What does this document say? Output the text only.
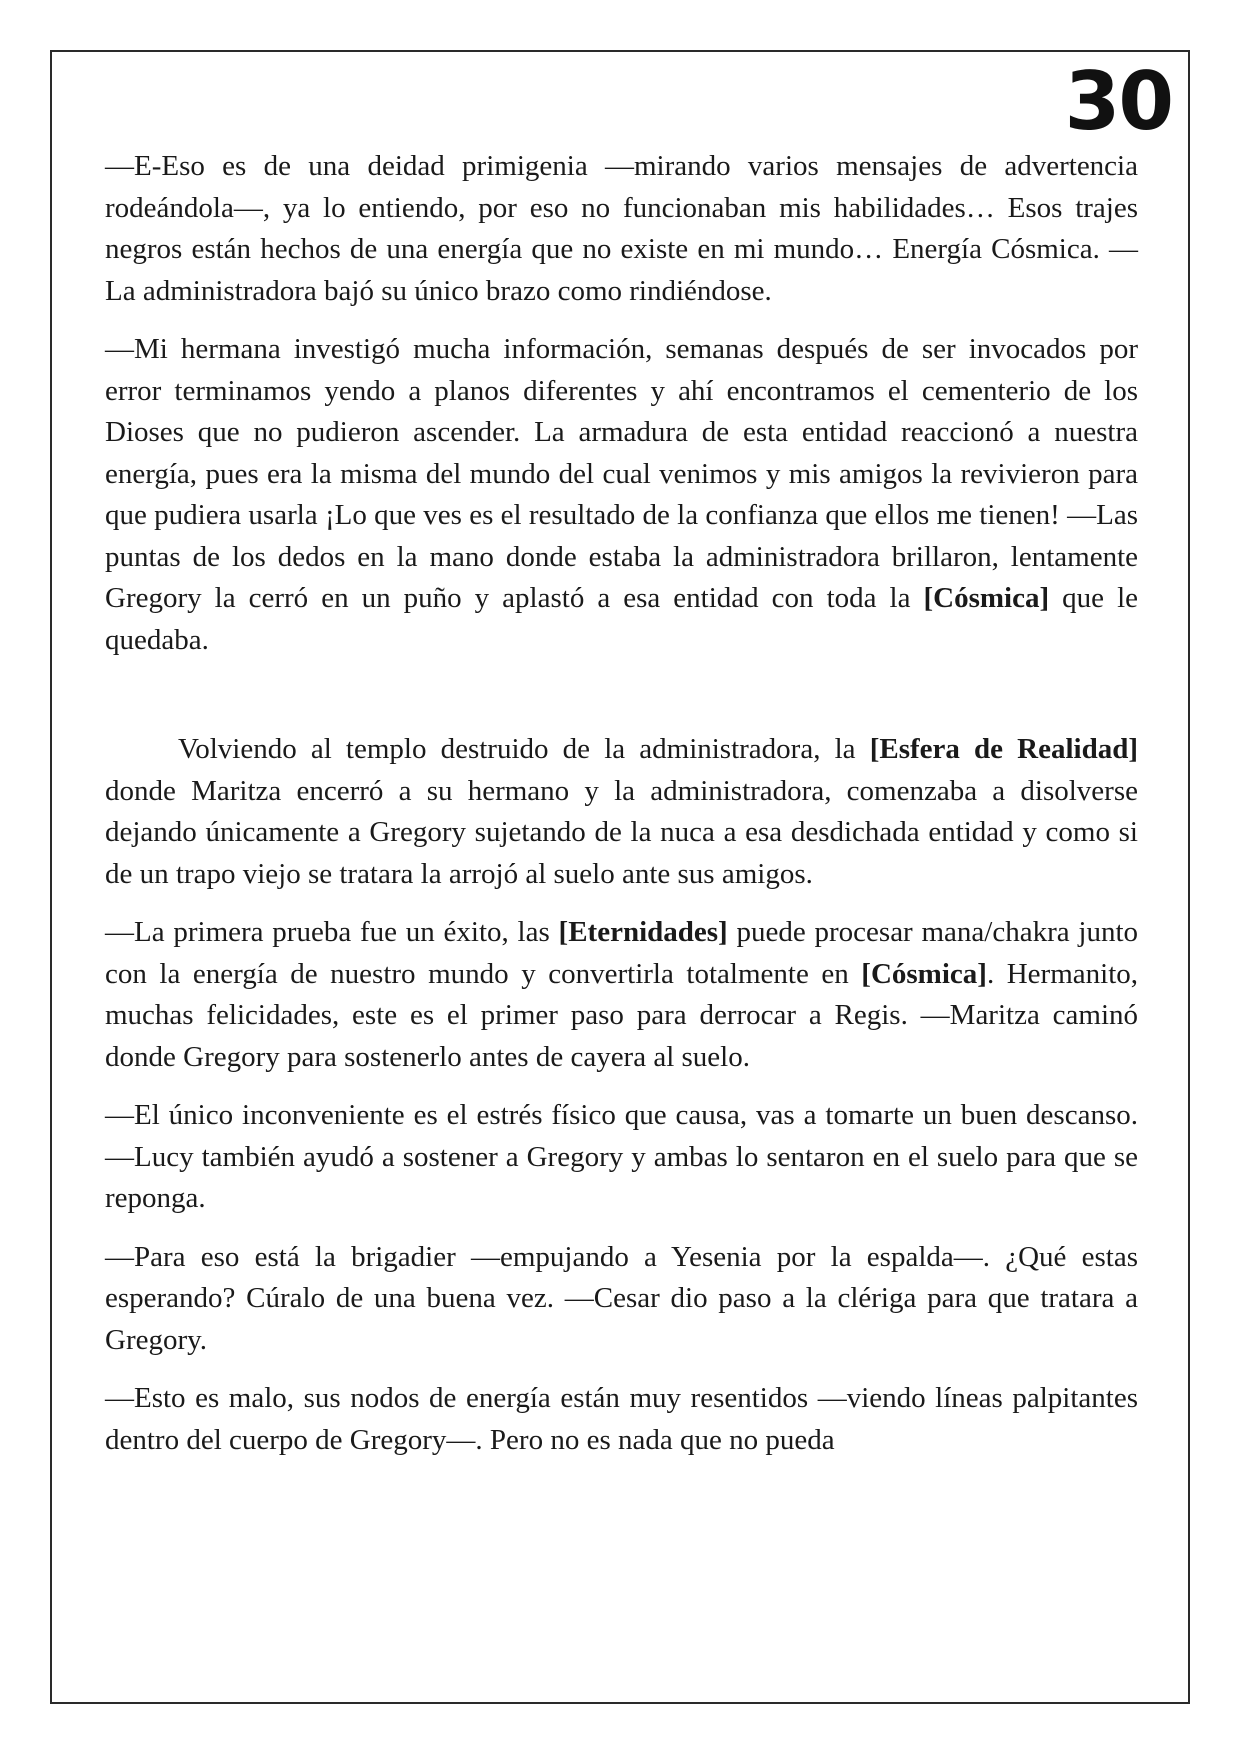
30

—E-Eso es de una deidad primigenia —mirando varios mensajes de advertencia rodeándola—, ya lo entiendo, por eso no funcionaban mis habilidades… Esos trajes negros están hechos de una energía que no existe en mi mundo… Energía Cósmica. —La administradora bajó su único brazo como rindiéndose.

—Mi hermana investigó mucha información, semanas después de ser invocados por error terminamos yendo a planos diferentes y ahí encontramos el cementerio de los Dioses que no pudieron ascender. La armadura de esta entidad reaccionó a nuestra energía, pues era la misma del mundo del cual venimos y mis amigos la revivieron para que pudiera usarla ¡Lo que ves es el resultado de la confianza que ellos me tienen! —Las puntas de los dedos en la mano donde estaba la administradora brillaron, lentamente Gregory la cerró en un puño y aplastó a esa entidad con toda la [Cósmica] que le quedaba.

Volviendo al templo destruido de la administradora, la [Esfera de Realidad] donde Maritza encerró a su hermano y la administradora, comenzaba a disolverse dejando únicamente a Gregory sujetando de la nuca a esa desdichada entidad y como si de un trapo viejo se tratara la arrojó al suelo ante sus amigos.

—La primera prueba fue un éxito, las [Eternidades] puede procesar mana/chakra junto con la energía de nuestro mundo y convertirla totalmente en [Cósmica]. Hermanito, muchas felicidades, este es el primer paso para derrocar a Regis. —Maritza caminó donde Gregory para sostenerlo antes de cayera al suelo.

—El único inconveniente es el estrés físico que causa, vas a tomarte un buen descanso. —Lucy también ayudó a sostener a Gregory y ambas lo sentaron en el suelo para que se reponga.

—Para eso está la brigadier —empujando a Yesenia por la espalda—. ¿Qué estas esperando? Cúralo de una buena vez. —Cesar dio paso a la clériga para que tratara a Gregory.

—Esto es malo, sus nodos de energía están muy resentidos —viendo líneas palpitantes dentro del cuerpo de Gregory—. Pero no es nada que no pueda
